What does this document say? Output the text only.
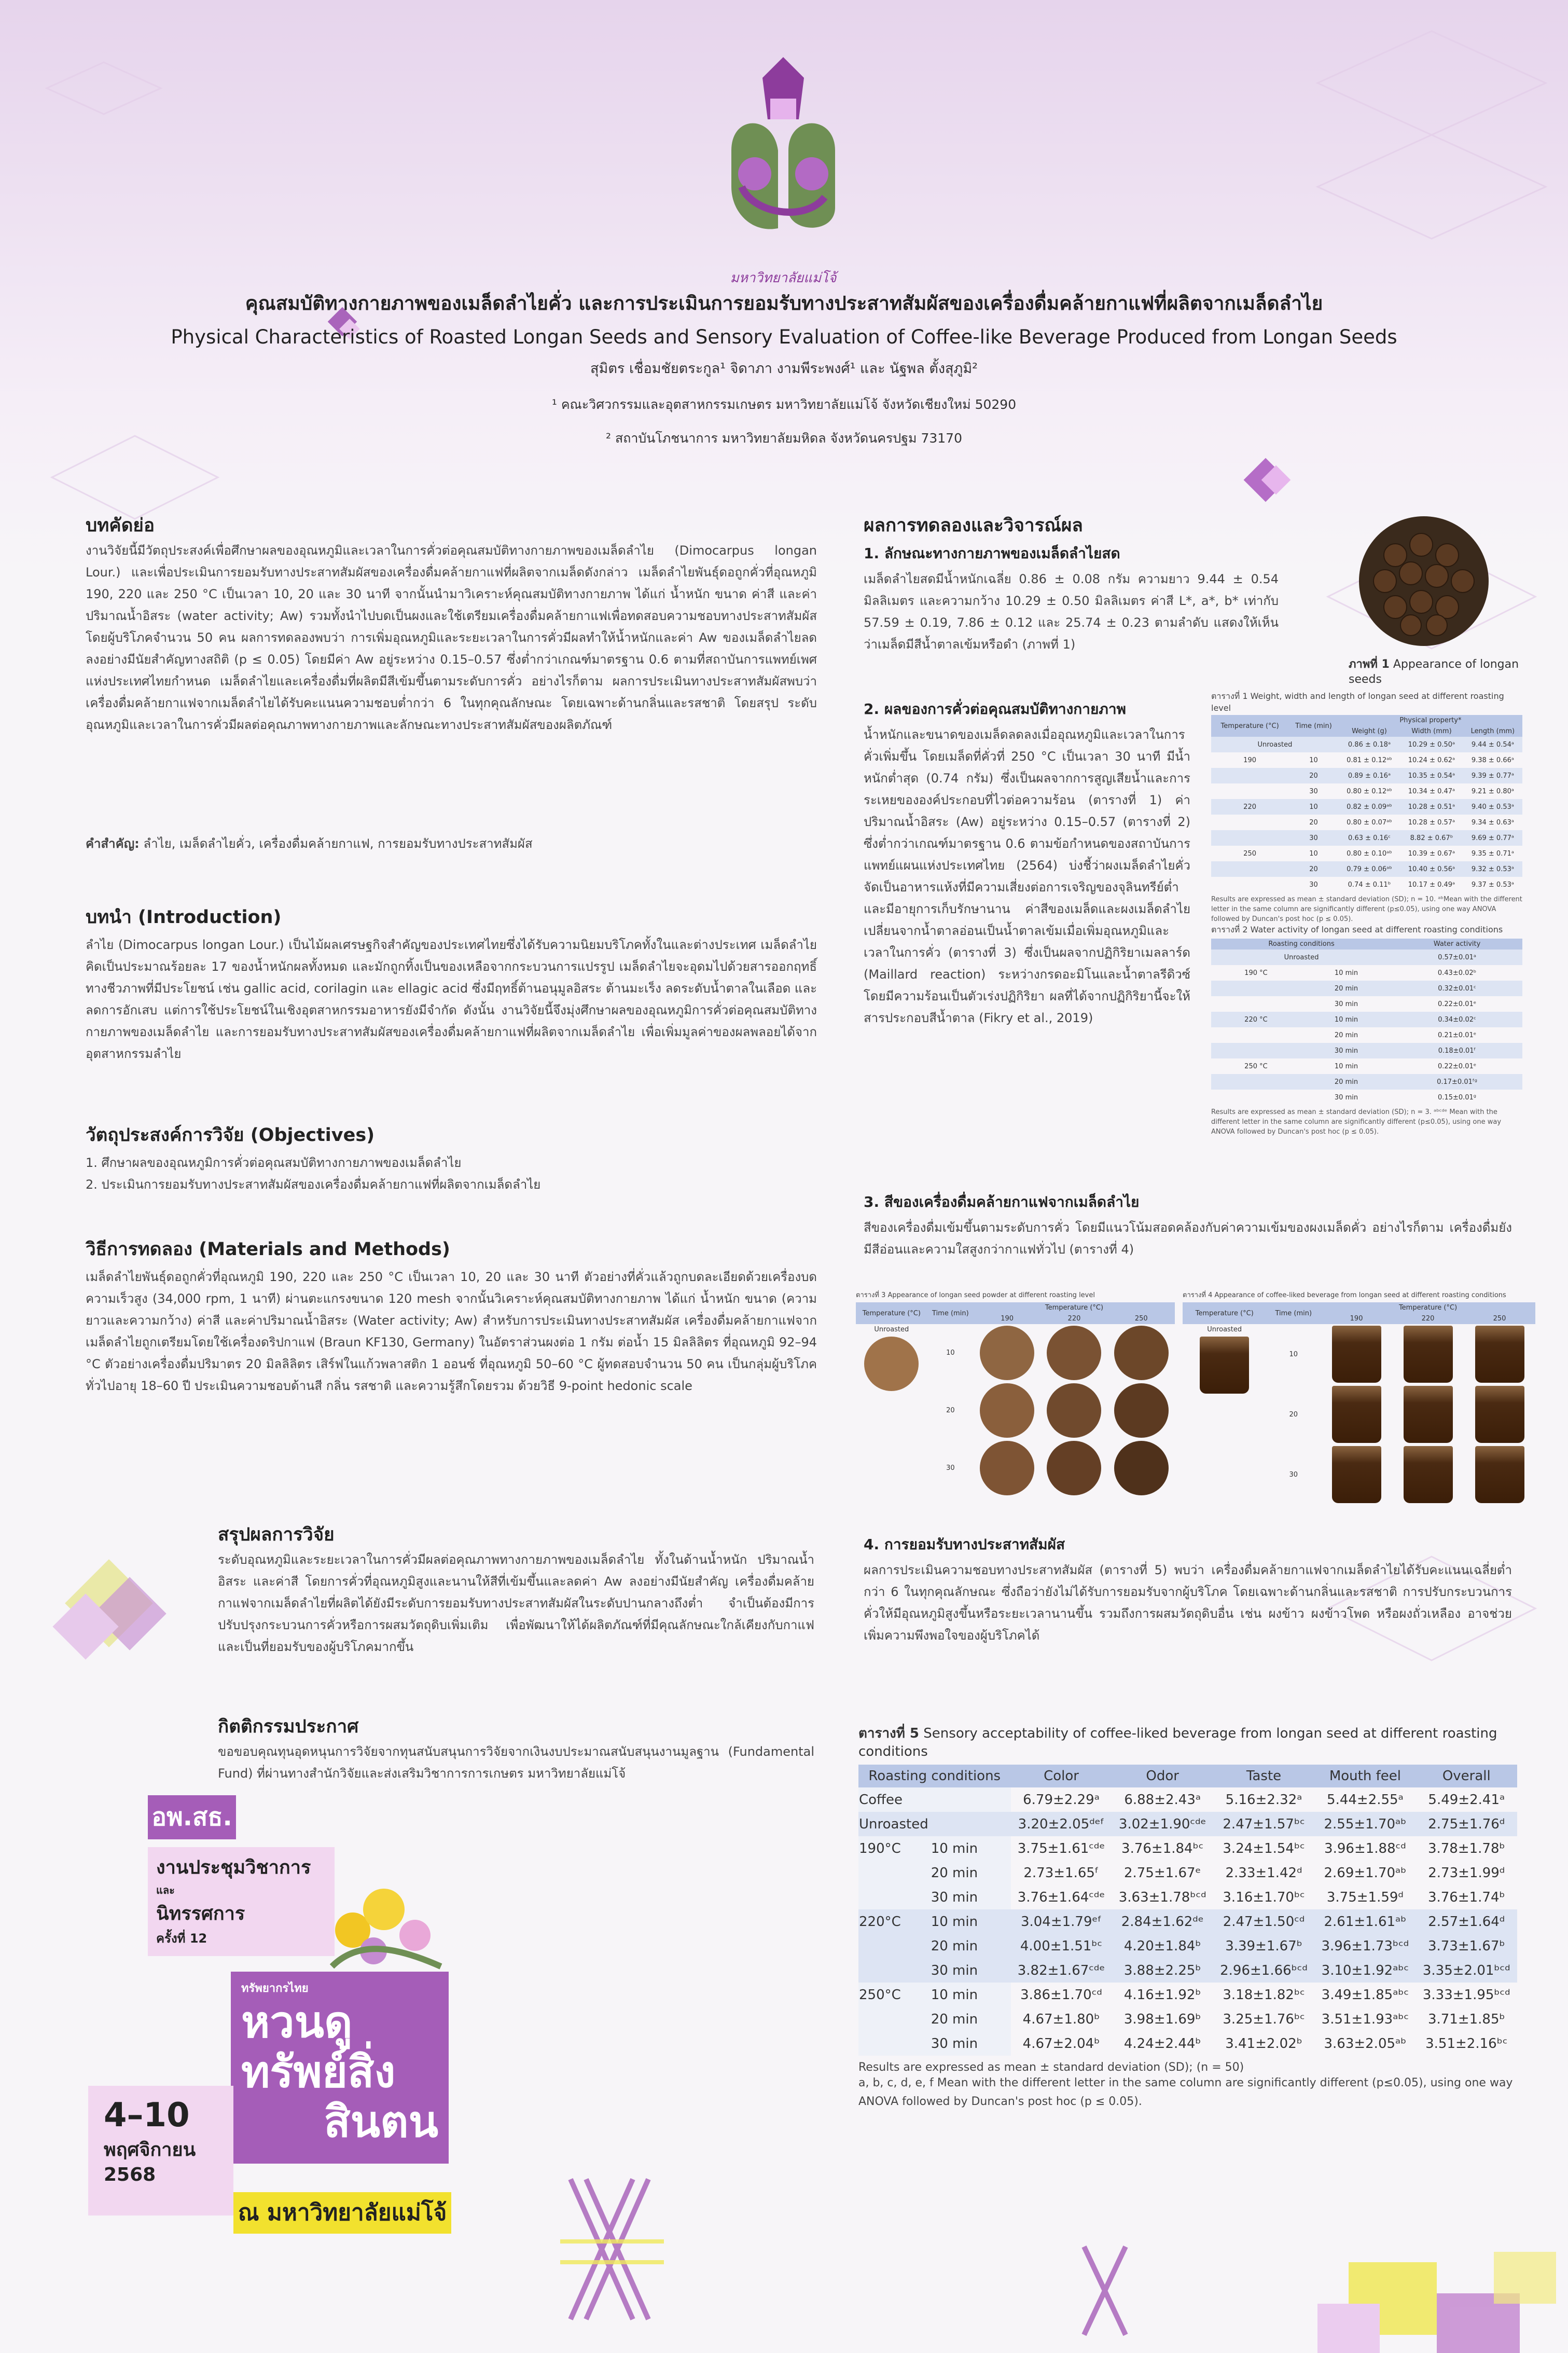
มหาวิทยาลัยแม่โจ้
คุณสมบัติทางกายภาพของเมล็ดลำไยคั่ว และการประเมินการยอมรับทางประสาทสัมผัสของเครื่องดื่มคล้ายกาแฟที่ผลิตจากเมล็ดลำไย
Physical Characteristics of Roasted Longan Seeds and Sensory Evaluation of Coffee-like Beverage Produced from Longan Seeds
สุมิตร เชื่อมชัยตระกูล¹ จิดาภา งามพีระพงศ์¹ และ นัฐพล ตั้งสุภูมิ²
¹ คณะวิศวกรรมและอุตสาหกรรมเกษตร มหาวิทยาลัยแม่โจ้ จังหวัดเชียงใหม่ 50290
² สถาบันโภชนาการ มหาวิทยาลัยมหิดล จังหวัดนครปฐม 73170
บทคัดย่อ
งานวิจัยนี้มีวัตถุประสงค์เพื่อศึกษาผลของอุณหภูมิและเวลาในการคั่วต่อคุณสมบัติทางกายภาพของเมล็ดลำไย (Dimocarpus longan Lour.) และเพื่อประเมินการยอมรับทางประสาทสัมผัสของเครื่องดื่มคล้ายกาแฟที่ผลิตจากเมล็ดดังกล่าว เมล็ดลำไยพันธุ์ดอถูกคั่วที่อุณหภูมิ 190, 220 และ 250 °C เป็นเวลา 10, 20 และ 30 นาที จากนั้นนำมาวิเคราะห์คุณสมบัติทางกายภาพ ได้แก่ น้ำหนัก ขนาด ค่าสี และค่าปริมาณน้ำอิสระ (water activity; Aw) รวมทั้งนำไปบดเป็นผงและใช้เตรียมเครื่องดื่มคล้ายกาแฟเพื่อทดสอบความชอบทางประสาทสัมผัสโดยผู้บริโภคจำนวน 50 คน ผลการทดลองพบว่า การเพิ่มอุณหภูมิและระยะเวลาในการคั่วมีผลทำให้น้ำหนักและค่า Aw ของเมล็ดลำไยลดลงอย่างมีนัยสำคัญทางสถิติ (p ≤ 0.05) โดยมีค่า Aw อยู่ระหว่าง 0.15–0.57 ซึ่งต่ำกว่าเกณฑ์มาตรฐาน 0.6 ตามที่สถาบันการแพทย์เพศแห่งประเทศไทยกำหนด เมล็ดลำไยและเครื่องดื่มที่ผลิตมีสีเข้มขึ้นตามระดับการคั่ว อย่างไรก็ตาม ผลการประเมินทางประสาทสัมผัสพบว่า เครื่องดื่มคล้ายกาแฟจากเมล็ดลำไยได้รับคะแนนความชอบต่ำกว่า 6 ในทุกคุณลักษณะ โดยเฉพาะด้านกลิ่นและรสชาติ โดยสรุป ระดับอุณหภูมิและเวลาในการคั่วมีผลต่อคุณภาพทางกายภาพและลักษณะทางประสาทสัมผัสของผลิตภัณฑ์
คำสำคัญ: ลำไย, เมล็ดลำไยคั่ว, เครื่องดื่มคล้ายกาแฟ, การยอมรับทางประสาทสัมผัส
บทนำ (Introduction)
ลำไย (Dimocarpus longan Lour.) เป็นไม้ผลเศรษฐกิจสำคัญของประเทศไทยซึ่งได้รับความนิยมบริโภคทั้งในและต่างประเทศ เมล็ดลำไยคิดเป็นประมาณร้อยละ 17 ของน้ำหนักผลทั้งหมด และมักถูกทิ้งเป็นของเหลือจากกระบวนการแปรรูป เมล็ดลำไยจะอุดมไปด้วยสารออกฤทธิ์ทางชีวภาพที่มีประโยชน์ เช่น gallic acid, corilagin และ ellagic acid ซึ่งมีฤทธิ์ต้านอนุมูลอิสระ ต้านมะเร็ง ลดระดับน้ำตาลในเลือด และลดการอักเสบ แต่การใช้ประโยชน์ในเชิงอุตสาหกรรมอาหารยังมีจำกัด ดังนั้น งานวิจัยนี้จึงมุ่งศึกษาผลของอุณหภูมิการคั่วต่อคุณสมบัติทางกายภาพของเมล็ดลำไย และการยอมรับทางประสาทสัมผัสของเครื่องดื่มคล้ายกาแฟที่ผลิตจากเมล็ดลำไย เพื่อเพิ่มมูลค่าของผลพลอยได้จากอุตสาหกรรมลำไย
วัตถุประสงค์การวิจัย (Objectives)
1. ศึกษาผลของอุณหภูมิการคั่วต่อคุณสมบัติทางกายภาพของเมล็ดลำไย
2. ประเมินการยอมรับทางประสาทสัมผัสของเครื่องดื่มคล้ายกาแฟที่ผลิตจากเมล็ดลำไย
วิธีการทดลอง (Materials and Methods)
เมล็ดลำไยพันธุ์ดอถูกคั่วที่อุณหภูมิ 190, 220 และ 250 °C เป็นเวลา 10, 20 และ 30 นาที ตัวอย่างที่คั่วแล้วถูกบดละเอียดด้วยเครื่องบดความเร็วสูง (34,000 rpm, 1 นาที) ผ่านตะแกรงขนาด 120 mesh จากนั้นวิเคราะห์คุณสมบัติทางกายภาพ ได้แก่ น้ำหนัก ขนาด (ความยาวและความกว้าง) ค่าสี และค่าปริมาณน้ำอิสระ (Water activity; Aw) สำหรับการประเมินทางประสาทสัมผัส เครื่องดื่มคล้ายกาแฟจากเมล็ดลำไยถูกเตรียมโดยใช้เครื่องดริปกาแฟ (Braun KF130, Germany) ในอัตราส่วนผงต่อ 1 กรัม ต่อน้ำ 15 มิลลิลิตร ที่อุณหภูมิ 92–94 °C ตัวอย่างเครื่องดื่มปริมาตร 20 มิลลิลิตร เสิร์ฟในแก้วพลาสติก 1 ออนซ์ ที่อุณหภูมิ 50–60 °C ผู้ทดสอบจำนวน 50 คน เป็นกลุ่มผู้บริโภคทั่วไปอายุ 18–60 ปี ประเมินความชอบด้านสี กลิ่น รสชาติ และความรู้สึกโดยรวม ด้วยวิธี 9-point hedonic scale
สรุปผลการวิจัย
ระดับอุณหภูมิและระยะเวลาในการคั่วมีผลต่อคุณภาพทางกายภาพของเมล็ดลำไย ทั้งในด้านน้ำหนัก ปริมาณน้ำอิสระ และค่าสี โดยการคั่วที่อุณหภูมิสูงและนานให้สีที่เข้มขึ้นและลดค่า Aw ลงอย่างมีนัยสำคัญ เครื่องดื่มคล้ายกาแฟจากเมล็ดลำไยที่ผลิตได้ยังมีระดับการยอมรับทางประสาทสัมผัสในระดับปานกลางถึงต่ำ จำเป็นต้องมีการปรับปรุงกระบวนการคั่วหรือการผสมวัตถุดิบเพิ่มเติม เพื่อพัฒนาให้ได้ผลิตภัณฑ์ที่มีคุณลักษณะใกล้เคียงกับกาแฟและเป็นที่ยอมรับของผู้บริโภคมากขึ้น
กิตติกรรมประกาศ
ขอขอบคุณทุนอุดหนุนการวิจัยจากทุนสนับสนุนการวิจัยจากเงินงบประมาณสนับสนุนงานมูลฐาน (Fundamental Fund) ที่ผ่านทางสำนักวิจัยและส่งเสริมวิชาการการเกษตร มหาวิทยาลัยแม่โจ้
อพ.สธ.
งานประชุมวิชาการ
และ
นิทรรศการ
ครั้งที่ 12
ทรัพยากรไทย
หวนดู
ทรัพย์สิ่ง
สินตน
4–10
พฤศจิกายน
2568
ณ มหาวิทยาลัยแม่โจ้
ผลการทดลองและวิจารณ์ผล
1. ลักษณะทางกายภาพของเมล็ดลำไยสด
เมล็ดลำไยสดมีน้ำหนักเฉลี่ย 0.86 ± 0.08 กรัม ความยาว 9.44 ± 0.54 มิลลิเมตร และความกว้าง 10.29 ± 0.50 มิลลิเมตร ค่าสี L*, a*, b* เท่ากับ 57.59 ± 0.19, 7.86 ± 0.12 และ 25.74 ± 0.23 ตามลำดับ แสดงให้เห็นว่าเมล็ดมีสีน้ำตาลเข้มหรือดำ (ภาพที่ 1)
ภาพที่ 1 Appearance of longan seeds
2. ผลของการคั่วต่อคุณสมบัติทางกายภาพ
น้ำหนักและขนาดของเมล็ดลดลงเมื่ออุณหภูมิและเวลาในการคั่วเพิ่มขึ้น โดยเมล็ดที่คั่วที่ 250 °C เป็นเวลา 30 นาที มีน้ำหนักต่ำสุด (0.74 กรัม) ซึ่งเป็นผลจากการสูญเสียน้ำและการระเหยขององค์ประกอบที่ไวต่อความร้อน (ตารางที่ 1) ค่าปริมาณน้ำอิสระ (Aw) อยู่ระหว่าง 0.15–0.57 (ตารางที่ 2) ซึ่งต่ำกว่าเกณฑ์มาตรฐาน 0.6 ตามข้อกำหนดของสถาบันการแพทย์แผนแห่งประเทศไทย (2564) บ่งชี้ว่าผงเมล็ดลำไยคั่วจัดเป็นอาหารแห้งที่มีความเสี่ยงต่อการเจริญของจุลินทรีย์ต่ำและมีอายุการเก็บรักษานาน ค่าสีของเมล็ดและผงเมล็ดลำไยเปลี่ยนจากน้ำตาลอ่อนเป็นน้ำตาลเข้มเมื่อเพิ่มอุณหภูมิและเวลาในการคั่ว (ตารางที่ 3) ซึ่งเป็นผลจากปฏิกิริยาเมลลาร์ด (Maillard reaction) ระหว่างกรดอะมิโนและน้ำตาลรีดิวซ์โดยมีความร้อนเป็นตัวเร่งปฏิกิริยา ผลที่ได้จากปฏิกิริยานี้จะให้สารประกอบสีน้ำตาล (Fikry et al., 2019)
ตารางที่ 1 Weight, width and length of longan seed at different roasting level
Temperature (°C)	Time (min)	Physical property*		
		Weight (g)	Width (mm)	Length (mm)
Unroasted		0.86 ± 0.18ᵃ	10.29 ± 0.50ᵃ	9.44 ± 0.54ᵃ
190	10	0.81 ± 0.12ᵃᵇ	10.24 ± 0.62ᵃ	9.38 ± 0.66ᵃ
	20	0.89 ± 0.16ᵃ	10.35 ± 0.54ᵃ	9.39 ± 0.77ᵃ
	30	0.80 ± 0.12ᵃᵇ	10.34 ± 0.47ᵃ	9.21 ± 0.80ᵃ
220	10	0.82 ± 0.09ᵃᵇ	10.28 ± 0.51ᵃ	9.40 ± 0.53ᵃ
	20	0.80 ± 0.07ᵃᵇ	10.28 ± 0.57ᵃ	9.34 ± 0.63ᵃ
	30	0.63 ± 0.16ᶜ	8.82 ± 0.67ᵇ	9.69 ± 0.77ᵃ
250	10	0.80 ± 0.10ᵃᵇ	10.39 ± 0.67ᵃ	9.35 ± 0.71ᵃ
	20	0.79 ± 0.06ᵃᵇ	10.40 ± 0.56ᵃ	9.32 ± 0.53ᵃ
	30	0.74 ± 0.11ᵇ	10.17 ± 0.49ᵃ	9.37 ± 0.53ᵃ
Results are expressed as mean ± standard deviation (SD); n = 10. ᵃᵇMean with the different letter in the same column are significantly different (p≤0.05), using one way ANOVA followed by Duncan's post hoc (p ≤ 0.05).
ตารางที่ 2 Water activity of longan seed at different roasting conditions
Roasting conditions		Water activity
Unroasted		0.57±0.01ᵃ
190 °C	10 min	0.43±0.02ᵇ
	20 min	0.32±0.01ᶜ
	30 min	0.22±0.01ᵉ
220 °C	10 min	0.34±0.02ᶜ
	20 min	0.21±0.01ᵉ
	30 min	0.18±0.01ᶠ
250 °C	10 min	0.22±0.01ᵉ
	20 min	0.17±0.01ᶠᵍ
	30 min	0.15±0.01ᵍ
Results are expressed as mean ± standard deviation (SD); n = 3. ᵃᵇᶜᵈᵉ Mean with the different letter in the same column are significantly different (p≤0.05), using one way ANOVA followed by Duncan's post hoc (p ≤ 0.05).
3. สีของเครื่องดื่มคล้ายกาแฟจากเมล็ดลำไย
สีของเครื่องดื่มเข้มขึ้นตามระดับการคั่ว โดยมีแนวโน้มสอดคล้องกับค่าความเข้มของผงเมล็ดคั่ว อย่างไรก็ตาม เครื่องดื่มยังมีสีอ่อนและความใสสูงกว่ากาแฟทั่วไป (ตารางที่ 4)
ตารางที่ 3 Appearance of longan seed powder at different roasting level
Temperature (°C)	Time (min)	Temperature (°C)		
		190	220	250

Unroasted	10	

	20	

	30	

ตารางที่ 4 Appearance of coffee-liked beverage from longan seed at different roasting conditions
Temperature (°C)	Time (min)	Temperature (°C)		
		190	220	250

Unroasted	10	

	20	

	30	

4. การยอมรับทางประสาทสัมผัส
ผลการประเมินความชอบทางประสาทสัมผัส (ตารางที่ 5) พบว่า เครื่องดื่มคล้ายกาแฟจากเมล็ดลำไยได้รับคะแนนเฉลี่ยต่ำกว่า 6 ในทุกคุณลักษณะ ซึ่งถือว่ายังไม่ได้รับการยอมรับจากผู้บริโภค โดยเฉพาะด้านกลิ่นและรสชาติ การปรับกระบวนการคั่วให้มีอุณหภูมิสูงขึ้นหรือระยะเวลานานขึ้น รวมถึงการผสมวัตถุดิบอื่น เช่น ผงข้าว ผงข้าวโพด หรือผงถั่วเหลือง อาจช่วยเพิ่มความพึงพอใจของผู้บริโภคได้
ตารางที่ 5 Sensory acceptability of coffee-liked beverage from longan seed at different roasting conditions
Roasting conditions		Color	Odor	Taste	Mouth feel	Overall
Coffee		6.79±2.29ᵃ	6.88±2.43ᵃ	5.16±2.32ᵃ	5.44±2.55ᵃ	5.49±2.41ᵃ
Unroasted		3.20±2.05ᵈᵉᶠ	3.02±1.90ᶜᵈᵉ	2.47±1.57ᵇᶜ	2.55±1.70ᵃᵇ	2.75±1.76ᵈ
190°C	10 min	3.75±1.61ᶜᵈᵉ	3.76±1.84ᵇᶜ	3.24±1.54ᵇᶜ	3.96±1.88ᶜᵈ	3.78±1.78ᵇ
	20 min	2.73±1.65ᶠ	2.75±1.67ᵉ	2.33±1.42ᵈ	2.69±1.70ᵃᵇ	2.73±1.99ᵈ
	30 min	3.76±1.64ᶜᵈᵉ	3.63±1.78ᵇᶜᵈ	3.16±1.70ᵇᶜ	3.75±1.59ᵈ	3.76±1.74ᵇ
220°C	10 min	3.04±1.79ᵉᶠ	2.84±1.62ᵈᵉ	2.47±1.50ᶜᵈ	2.61±1.61ᵃᵇ	2.57±1.64ᵈ
	20 min	4.00±1.51ᵇᶜ	4.20±1.84ᵇ	3.39±1.67ᵇ	3.96±1.73ᵇᶜᵈ	3.73±1.67ᵇ
	30 min	3.82±1.67ᶜᵈᵉ	3.88±2.25ᵇ	2.96±1.66ᵇᶜᵈ	3.10±1.92ᵃᵇᶜ	3.35±2.01ᵇᶜᵈ
250°C	10 min	3.86±1.70ᶜᵈ	4.16±1.92ᵇ	3.18±1.82ᵇᶜ	3.49±1.85ᵃᵇᶜ	3.33±1.95ᵇᶜᵈ
	20 min	4.67±1.80ᵇ	3.98±1.69ᵇ	3.25±1.76ᵇᶜ	3.51±1.93ᵃᵇᶜ	3.71±1.85ᵇ
	30 min	4.67±2.04ᵇ	4.24±2.44ᵇ	3.41±2.02ᵇ	3.63±2.05ᵃᵇ	3.51±2.16ᵇᶜ
Results are expressed as mean ± standard deviation (SD); (n = 50)
a, b, c, d, e, f Mean with the different letter in the same column are significantly different (p≤0.05), using one way ANOVA followed by Duncan's post hoc (p ≤ 0.05).
